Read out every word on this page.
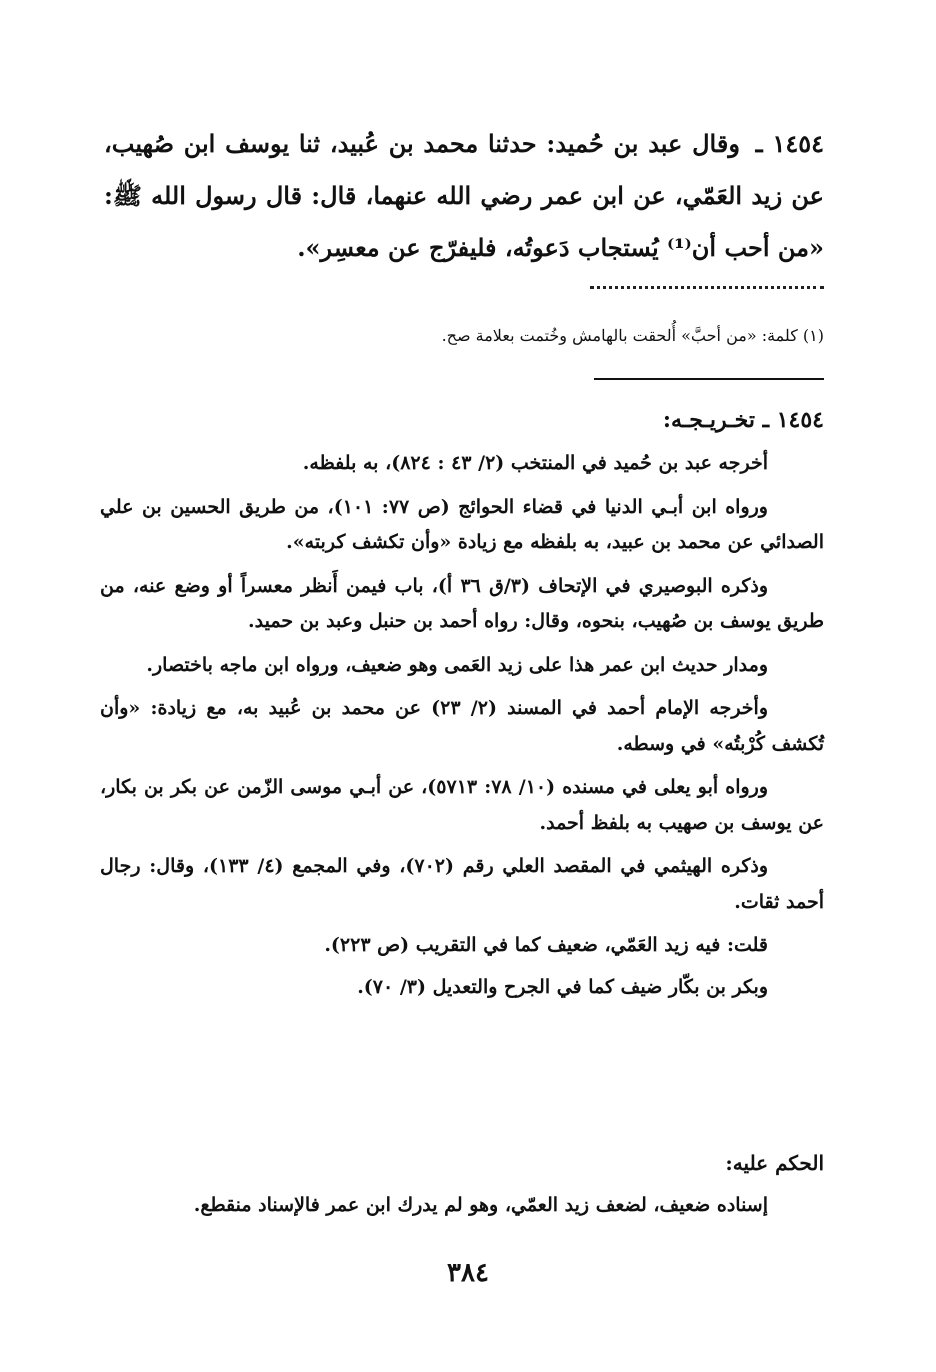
١٤٥٤ ـ وقال عبد بن حُميد: حدثنا محمد بن عُبيد، ثنا يوسف ابن صُهيب، عن زيد العَمّي، عن ابن عمر رضي الله عنهما، قال: قال رسول الله ﷺ: «من أحب أن⁽¹⁾ يُستجاب دَعوتُه، فليفرّج عن معسِر».
(١) كلمة: «من أحبَّ» أُلحقت بالهامش وخُتمت بعلامة صح.
١٤٥٤ ـ تخـريـجـه:

أخرجه عبد بن حُميد في المنتخب (٢/ ٤٣ : ٨٢٤)، به بلفظه.

ورواه ابن أبـي الدنيا في قضاء الحوائج (ص ٧٧: ١٠١)، من طريق الحسين بن علي الصدائي عن محمد بن عبيد، به بلفظه مع زيادة «وأن تكشف كربته».

وذكره البوصيري في الإتحاف (٣/ق ٣٦ أ)، باب فيمن أَنظر معسراً أو وضع عنه، من طريق يوسف بن صُهيب، بنحوه، وقال: رواه أحمد بن حنبل وعبد بن حميد.

ومدار حديث ابن عمر هذا على زيد العَمى وهو ضعيف، ورواه ابن ماجه باختصار.

وأخرجه الإمام أحمد في المسند (٢/ ٢٣) عن محمد بن عُبيد به، مع زيادة: «وأن تُكشف كُرْبتُه» في وسطه.

ورواه أبو يعلى في مسنده (١٠/ ٧٨: ٥٧١٣)، عن أبـي موسى الزّمن عن بكر بن بكار، عن يوسف بن صهيب به بلفظ أحمد.

وذكره الهيثمي في المقصد العلي رقم (٧٠٢)، وفي المجمع (٤/ ١٣٣)، وقال: رجال أحمد ثقات.

قلت: فيه زيد العَمّي، ضعيف كما في التقريب (ص ٢٢٣).

وبكر بن بكّار ضيف كما في الجرح والتعديل (٣/ ٧٠).

الحكم عليه:
إسناده ضعيف، لضعف زيد العمّي، وهو لم يدرك ابن عمر فالإسناد منقطع.
٣٨٤
